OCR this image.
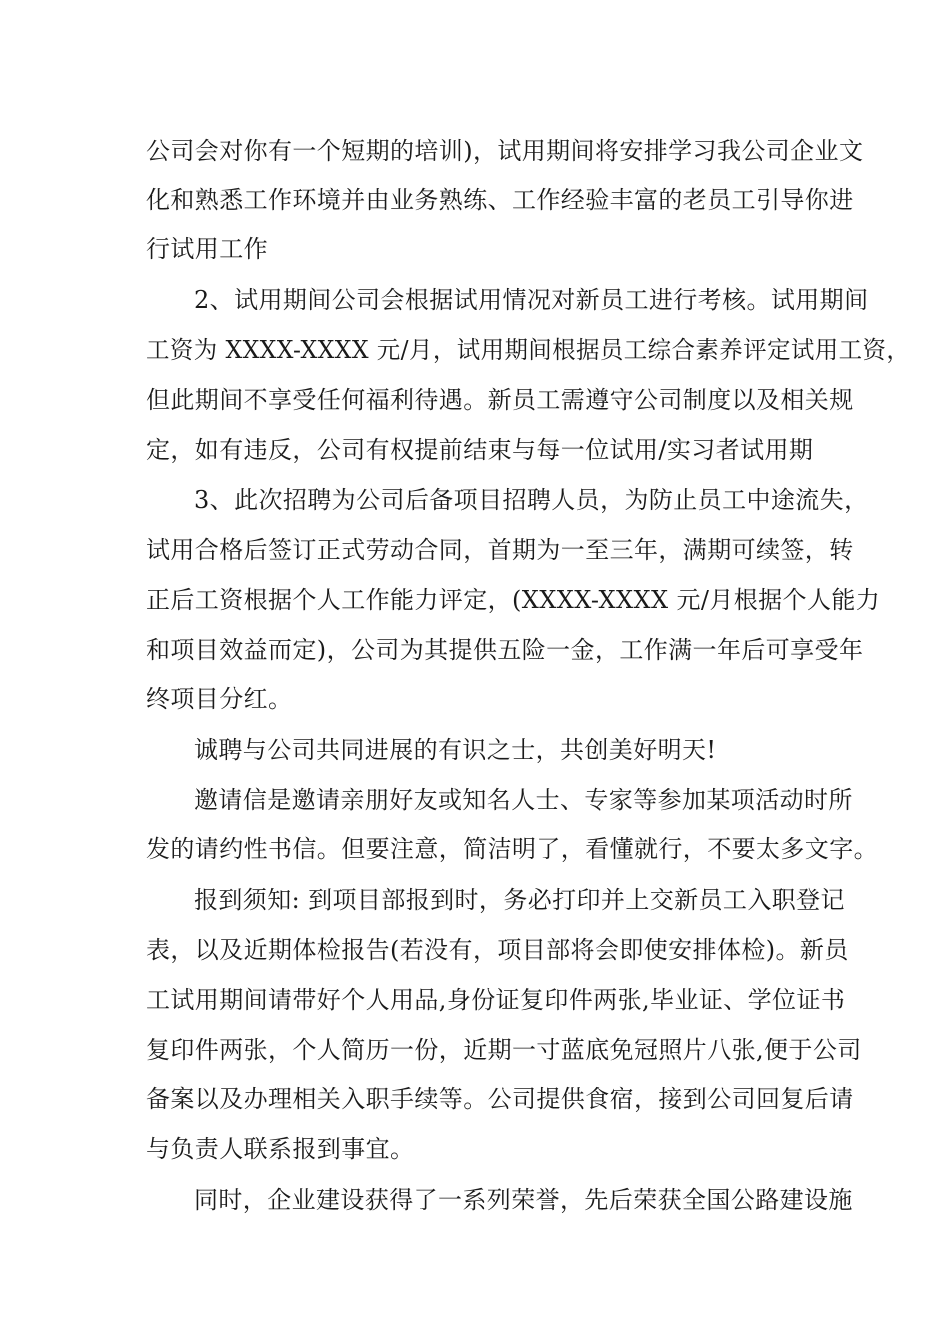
公司会对你有一个短期的培训)，试用期间将安排学习我公司企业文
化和熟悉工作环境并由业务熟练、工作经验丰富的老员工引导你进
行试用工作
2、试用期间公司会根据试用情况对新员工进行考核。试用期间
工资为 XXXX-XXXX 元/月，试用期间根据员工综合素养评定试用工资，
但此期间不享受任何福利待遇。新员工需遵守公司制度以及相关规
定，如有违反，公司有权提前结束与每一位试用/实习者试用期
3、此次招聘为公司后备项目招聘人员，为防止员工中途流失，
试用合格后签订正式劳动合同，首期为一至三年，满期可续签，转
正后工资根据个人工作能力评定，(XXXX-XXXX 元/月根据个人能力
和项目效益而定)，公司为其提供五险一金，工作满一年后可享受年
终项目分红。
诚聘与公司共同进展的有识之士，共创美好明天!
邀请信是邀请亲朋好友或知名人士、专家等参加某项活动时所
发的请约性书信。但要注意，简洁明了，看懂就行，不要太多文字。
报到须知: 到项目部报到时，务必打印并上交新员工入职登记
表，以及近期体检报告(若没有，项目部将会即使安排体检)。新员
工试用期间请带好个人用品,身份证复印件两张,毕业证、学位证书
复印件两张，个人简历一份，近期一寸蓝底免冠照片八张,便于公司
备案以及办理相关入职手续等。公司提供食宿，接到公司回复后请
与负责人联系报到事宜。
同时，企业建设获得了一系列荣誉，先后荣获全国公路建设施
